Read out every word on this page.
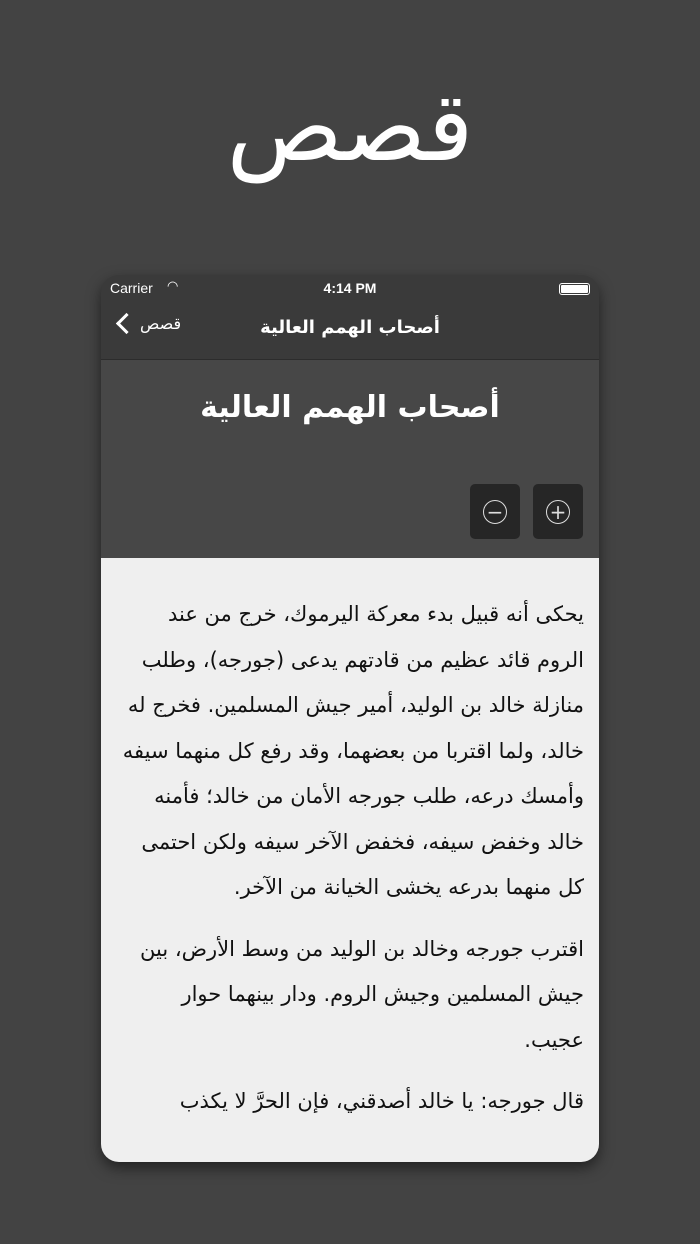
قصص
Carrier ◠	4:14 PM
قصص	أصحاب الهمم العالية
أصحاب الهمم العالية
− +

يحكى أنه قبيل بدء معركة اليرموك، خرج من عند الروم قائد عظيم من قادتهم يدعى (جورجه)، وطلب منازلة خالد بن الوليد، أمير جيش المسلمين. فخرج له خالد، ولما اقتربا من بعضهما، وقد رفع كل منهما سيفه وأمسك درعه، طلب جورجه الأمان من خالد؛ فأمنه خالد وخفض سيفه، فخفض الآخر سيفه ولكن احتمى كل منهما بدرعه يخشى الخيانة من الآخر.

اقترب جورجه وخالد بن الوليد من وسط الأرض، بين جيش المسلمين وجيش الروم. ودار بينهما حوار عجيب.

قال جورجه: يا خالد أصدقني، فإن الحرَّ لا يكذب
